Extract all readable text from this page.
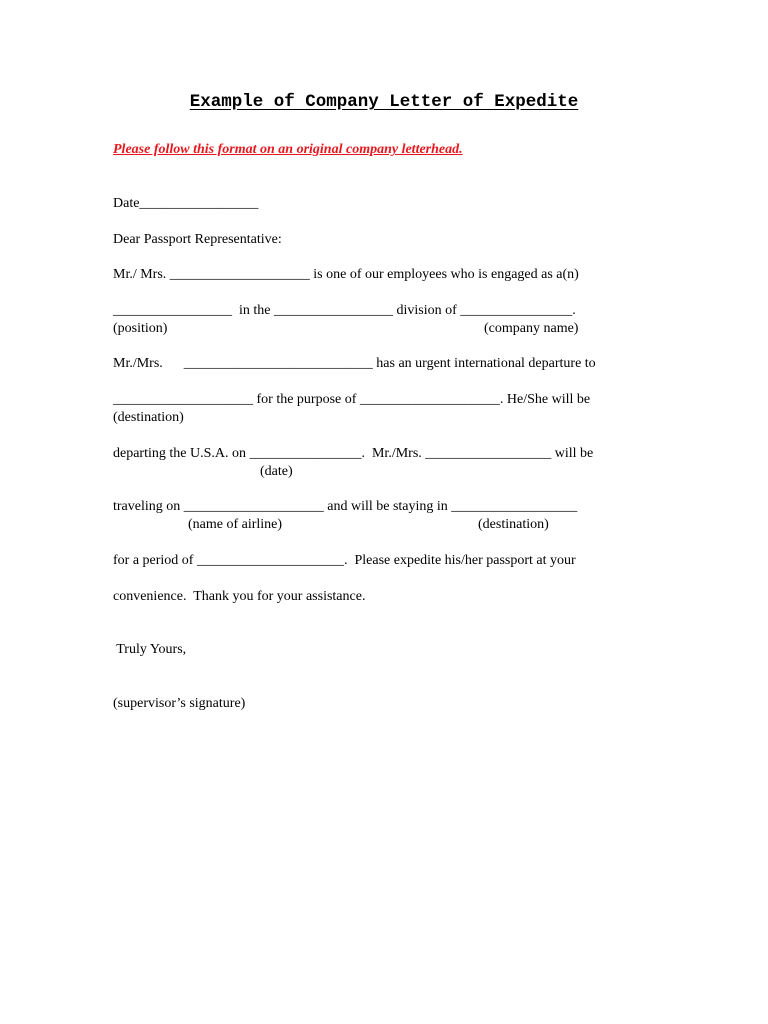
Example of Company Letter of Expedite
Please follow this format on an original company letterhead.
Date_________________
Dear Passport Representative:
Mr./ Mrs. ____________________ is one of our employees who is engaged as a(n)
_________________  in the _________________ division of ________________.
(position)	(company name)
Mr./Mrs.      ___________________________ has an urgent international departure to
____________________ for the purpose of ____________________. He/She will be
(destination)
departing the U.S.A. on ________________.  Mr./Mrs. __________________ will be
(date)
traveling on ____________________ and will be staying in __________________
(name of airline)	(destination)
for a period of _____________________.  Please expedite his/her passport at your
convenience.  Thank you for your assistance.
Truly Yours,
(supervisor’s signature)
